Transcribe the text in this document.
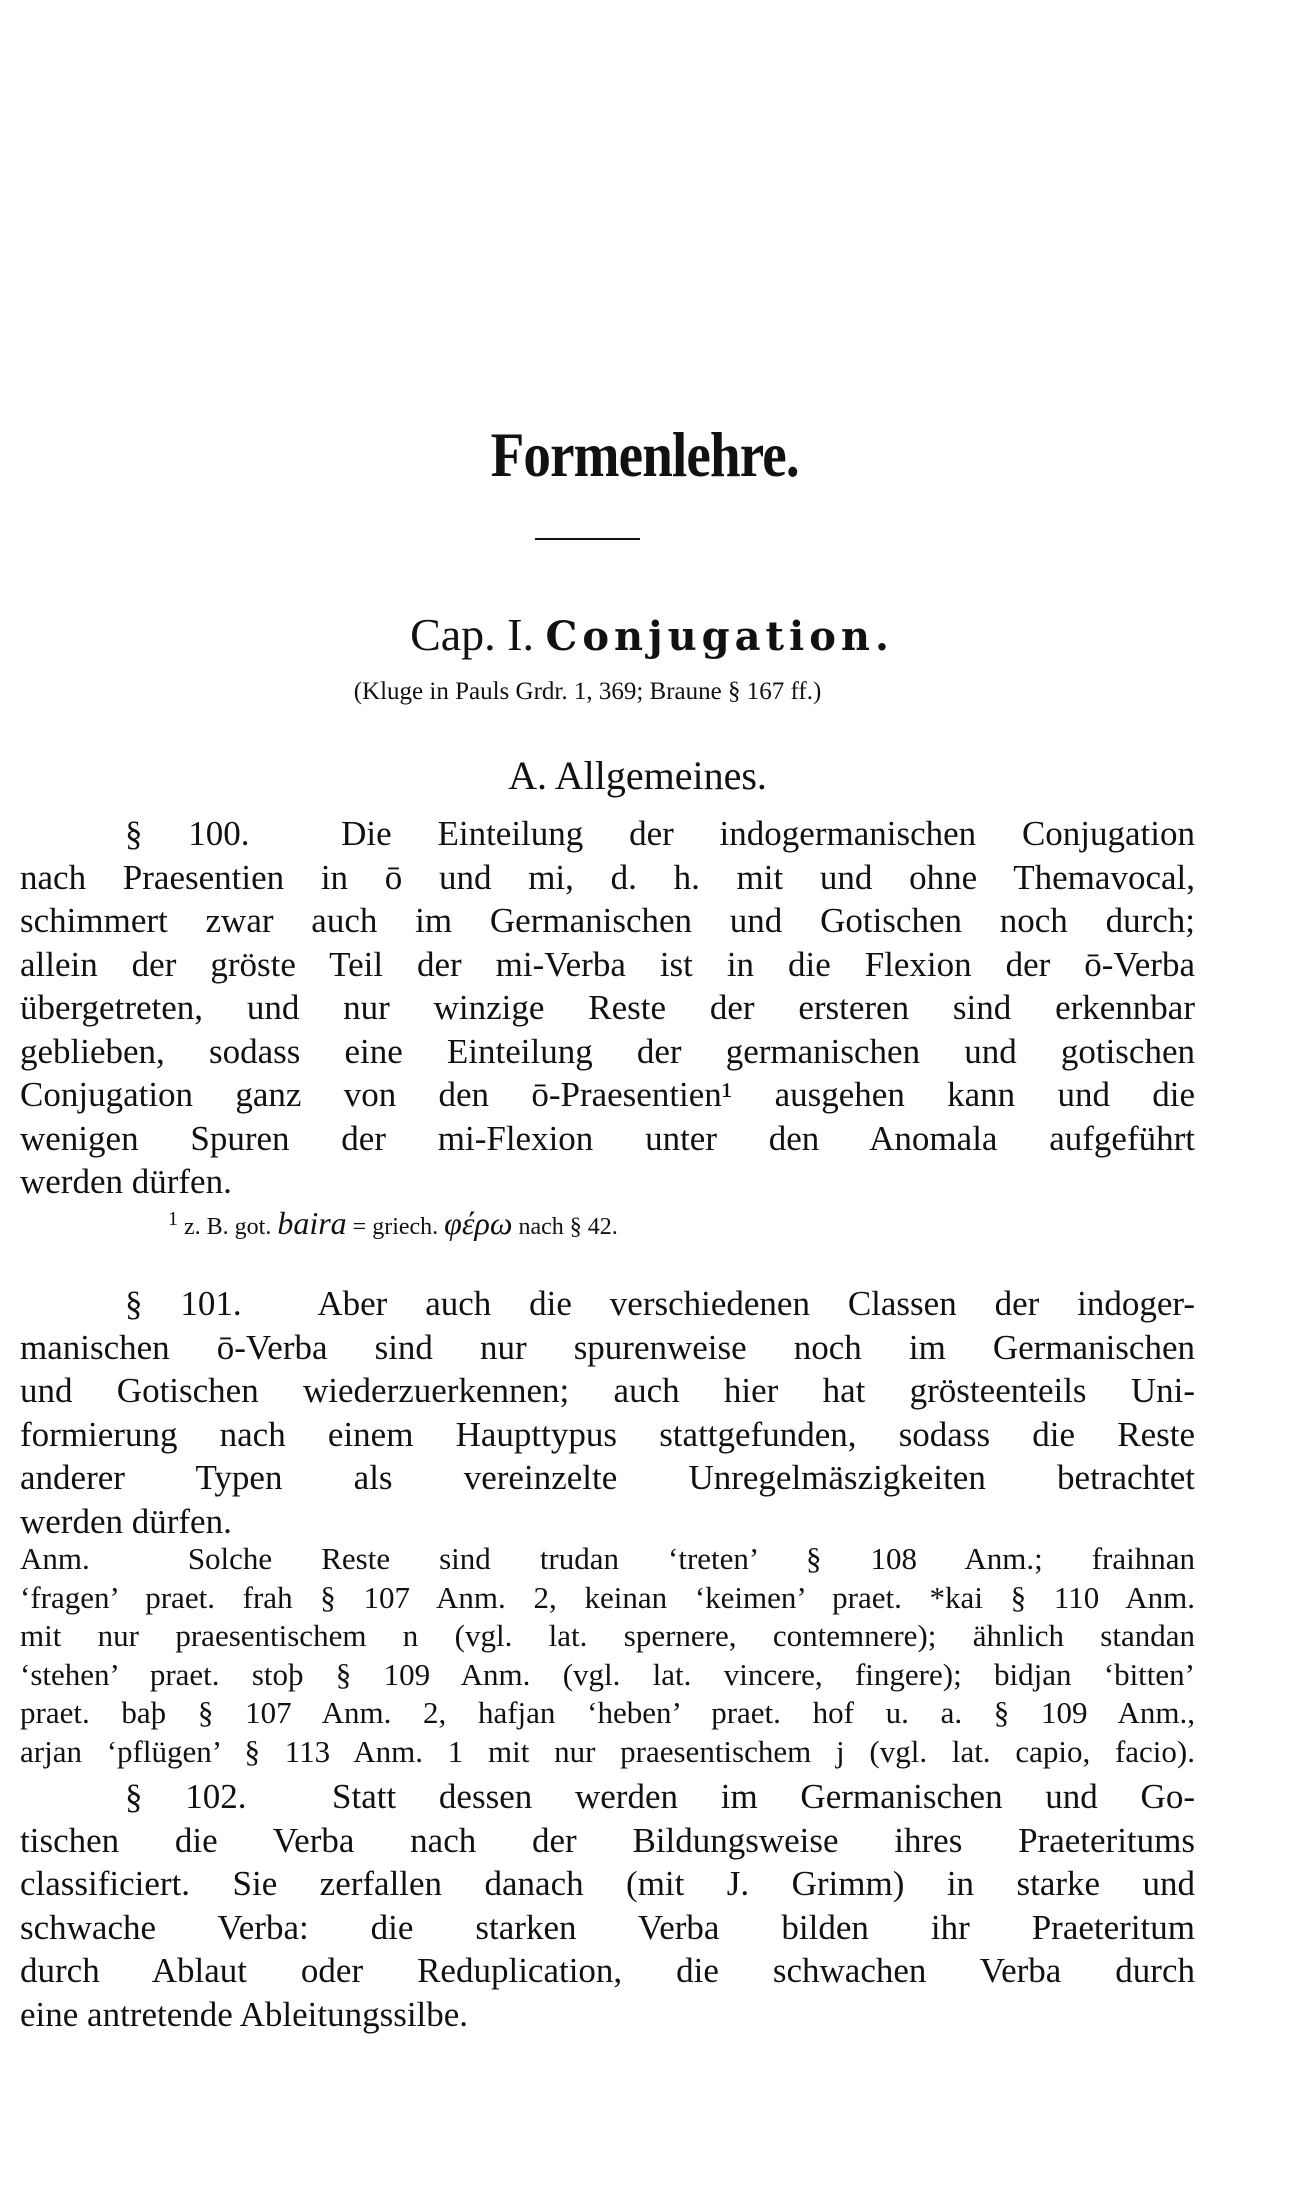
Formenlehre.
Cap. I. Conjugation.
(Kluge in Pauls Grdr. 1, 369; Braune § 167 ff.)
A. Allgemeines.
§ 100.	Die Einteilung der indogermanischen Conjugation
nach Praesentien in ō und mi, d. h. mit und ohne Themavocal,
schimmert zwar auch im Germanischen und Gotischen noch durch;
allein der gröste Teil der mi-Verba ist in die Flexion der ō-Verba
übergetreten, und nur winzige Reste der ersteren sind erkennbar
geblieben, sodass eine Einteilung der germanischen und gotischen
Conjugation ganz von den ō-Praesentien¹ ausgehen kann und die
wenigen Spuren der mi-Flexion unter den Anomala aufgeführt
werden dürfen.
$^1$ z. B. got. baira = griech. φέρω nach § 42.
§ 101. Aber auch die verschiedenen Classen der indoger-
manischen ō-Verba sind nur spurenweise noch im Germanischen
und Gotischen wiederzuerkennen; auch hier hat grösteenteils Uni-
formierung nach einem Haupttypus stattgefunden, sodass die Reste
anderer Typen als vereinzelte Unregelmäszigkeiten betrachtet
werden dürfen.
Anm.	Solche Reste sind trudan ‘treten’ § 108 Anm.; fraihnan
‘fragen’ praet. frah § 107 Anm. 2, keinan ‘keimen’ praet. *kai § 110 Anm.
mit nur praesentischem n (vgl. lat. spernere, contemnere); ähnlich standan
‘stehen’ praet. stoþ § 109 Anm. (vgl. lat. vincere, fingere); bidjan ‘bitten’
praet. baþ § 107 Anm. 2, hafjan ‘heben’ praet. hof u. a. § 109 Anm.,
arjan ‘pflügen’ § 113 Anm. 1 mit nur praesentischem j (vgl. lat. capio, facio).
§ 102. Statt dessen werden im Germanischen und Go-
tischen die Verba nach der Bildungsweise ihres Praeteritums
classificiert. Sie zerfallen danach (mit J. Grimm) in starke und
schwache Verba: die starken Verba bilden ihr Praeteritum
durch Ablaut oder Reduplication, die schwachen Verba durch
eine antretende Ableitungssilbe.
